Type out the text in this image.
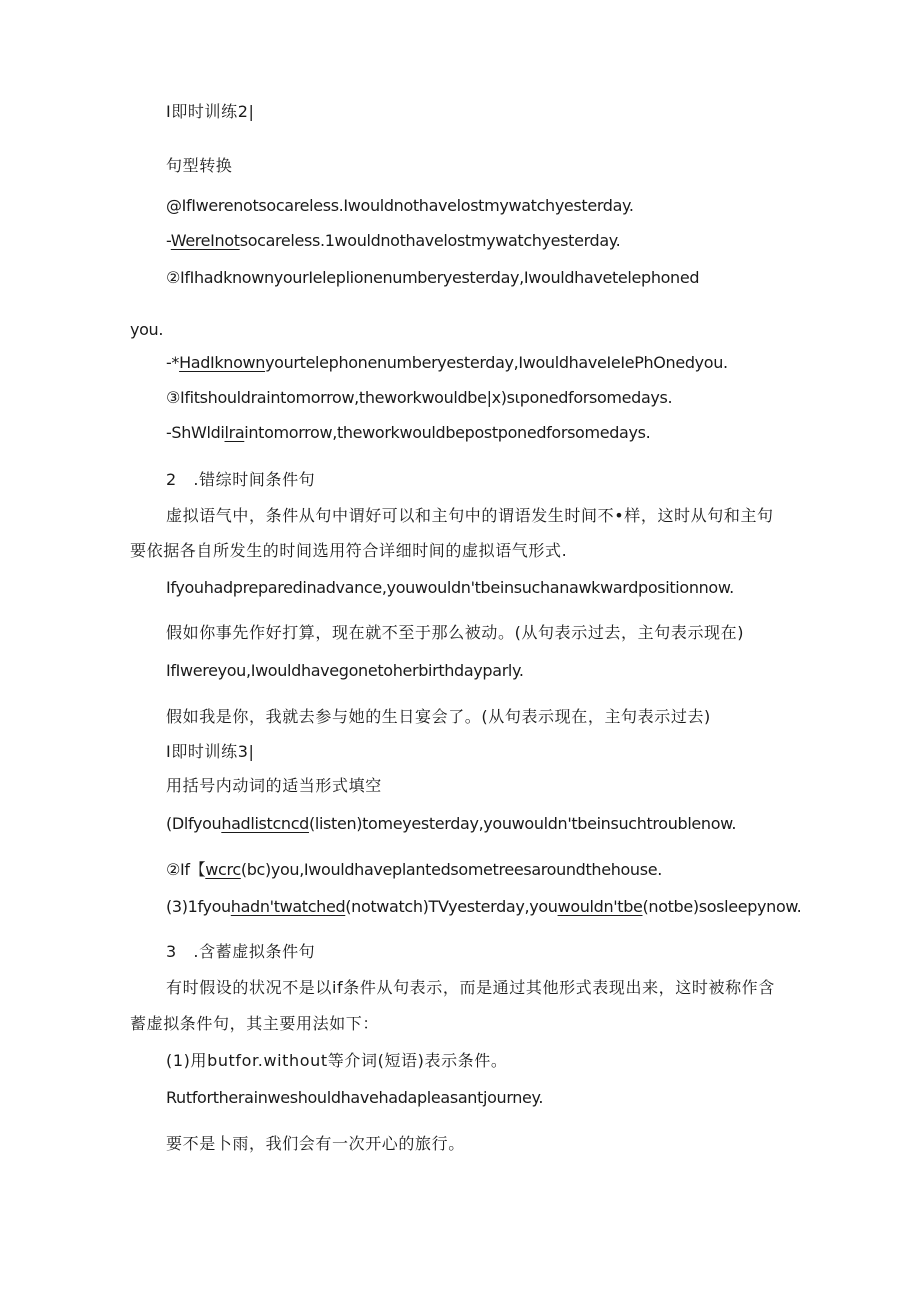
I即时训练2|
句型转换
@IfIwerenotsocareless.Iwouldnothavelostmywatchyesterday.
-WereInotsocareless.1wouldnothavelostmywatchyesterday.
②IfIhadknownyourIeleplionenumberyesterday,Iwouldhavetelephoned
you.
-*HadIknownyourtelephonenumberyesterday,IwouldhaveIeIePhOnedyou.
③Ifitshouldraintomorrow,theworkwouldbe|x)sιponedforsomedays.
-ShWldilraintomorrow,theworkwouldbepostponedforsomedays.
2　.错综时间条件句
虚拟语气中，条件从句中谓好可以和主句中的谓语发生时间不•样，这时从句和主句
要依据各自所发生的时间选用符合详细时间的虚拟语气形式.
Ifyouhadpreparedinadvance,youwouldn'tbeinsuchanawkwardpositionnow.
假如你事先作好打算，现在就不至于那么被动。(从句表示过去，主句表示现在)
IfIwereyou,Iwouldhavegonetoherbirthdayparly.
假如我是你，我就去参与她的生日宴会了。(从句表示现在，主句表示过去)
I即时训练3|
用括号内动词的适当形式填空
(Dlfyouhadlistcncd(listen)tomeyesterday,youwouldn'tbeinsuchtroublenow.
②If【wcrc(bc)you,Iwouldhaveplantedsometreesaroundthehouse.
(3)1fyouhadn'twatched(notwatch)TVyesterday,youwouldn'tbe(notbe)sosleepynow.
3　.含蓄虚拟条件句
有时假设的状况不是以if条件从句表示，而是通过其他形式表现出来，这时被称作含
蓄虚拟条件句，其主要用法如下：
(1)用butfor.without等介词(短语)表示条件。
Rutfortherainweshouldhavehadapleasantjourney.
要不是卜雨，我们会有一次开心的旅行。
